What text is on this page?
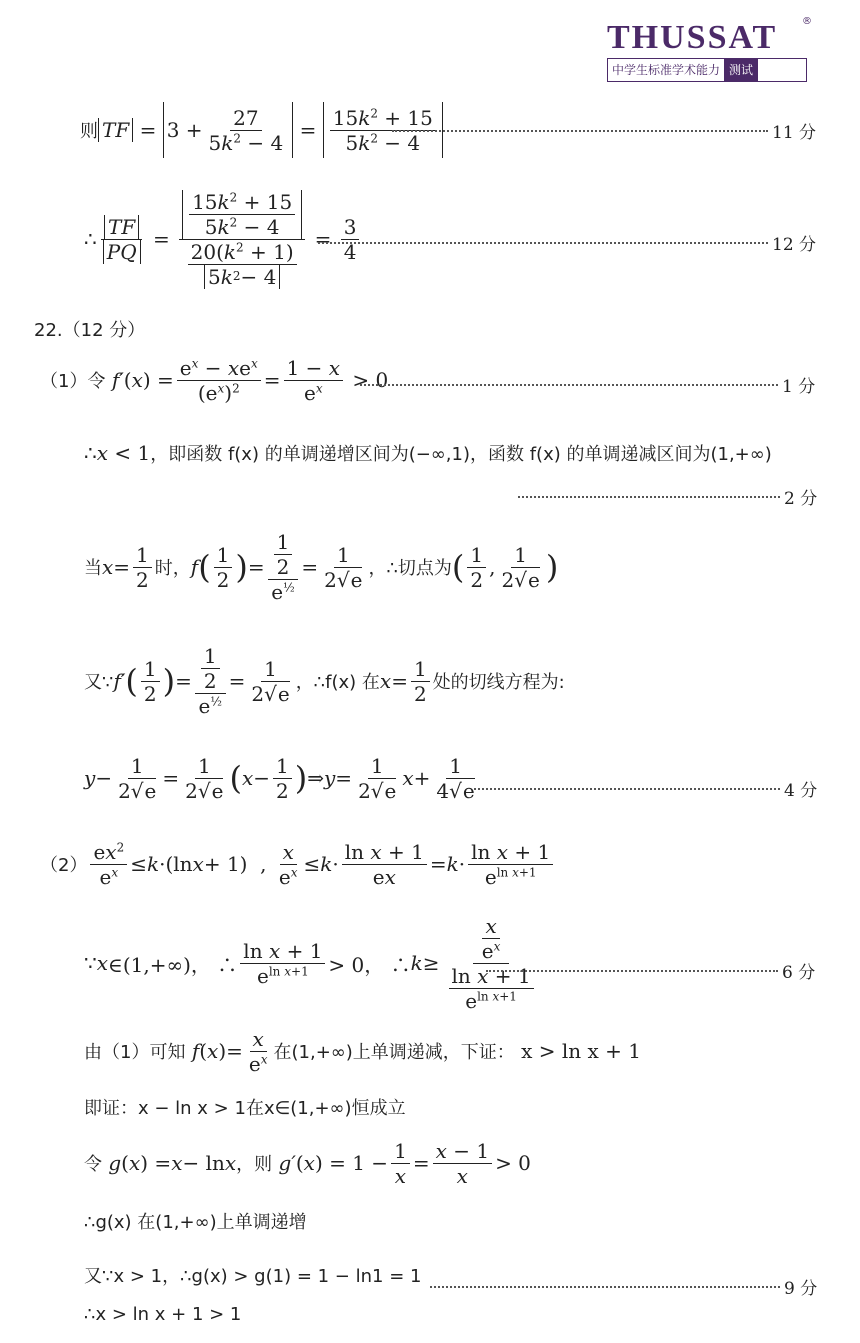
THUSSAT	®
中学生标准学术能力 测试
则 TF = $3 + \frac{27}{5k^2 - 4} = \frac{15k^2 + 15}{5k^2 - 4}$	11 分
∴ $\frac{TF}{PQ} = \frac{\frac{15k^2 + 15}{5k^2 - 4}}{\frac{20(k^2 + 1)}{5 k 2 - 4}} = \frac{3}{4}$	12 分
22.（12 分）
（1）令
f′ ( x ) = $\frac{e^x - xe^x}{(e^x)^2} = \frac{1 - x}{e^x} > 0$	1 分
∴x < 1 ，即函数 f(x) 的单调递增区间为(−∞,1)，函数 f(x) 的单调递减区间为(1,+∞)
2 分
当 $x = \frac{1}{2}$ 时， f ( $\frac{1}{2}$ ) = $\frac{\frac{1}{2}}{e^{\frac{1}{2}}} = \frac{1}{2√e}$ ，∴切点为 ( $\frac{1}{2}$ , $\frac{1}{2√e}$ )
又∵ f′ ( $\frac{1}{2}$ ) = $\frac{\frac{1}{2}}{e^{\frac{1}{2}}} = \frac{1}{2√e}$ ，∴f(x) 在 $x = \frac{1}{2}$ 处的切线方程为:
$y - \frac{1}{2√e} = \frac{1}{2√e}$ ( $x - \frac{1}{2}$ ) ⇒ $y = \frac{1}{2√e}$ $x + \frac{1}{4√e}$	4 分
$(2) \frac{ex^2}{e^x} \le k \cdot(\ln$ x + 1)  , $\frac{x}{e^x} \le k \cdot \frac{\text{ln x + 1}}{ex} = k \cdot \frac{\text{ln x + 1}}{e^{ln x+1}}$
∵ x ∈(1,+∞)， ∴ $\frac{\text{ln x + 1}}{e^{ln x+1}} > 0$， ∴ $k \ge \frac{\frac{x}{e^x}}{\frac{\text{ln x + 1}}{e^{ln x+1}}}$	6 分
由（1）可知
f ( x )= $\frac{x}{e^x}$ 在(1,+∞)上单调递减，下证：
x > ln x + 1
即证：x − ln x > 1在x∈(1,+∞)恒成立
令
g ( x ) = x − ln x ，则
g′ ( x ) = $1 - \frac{1}{x} = \frac{x - 1}{x} > 0$
∴g(x) 在(1,+∞)上单调递增
又∵x > 1，∴g(x) > g(1) = 1 − ln1 = 1
9 分
∴x > ln x + 1 > 1
